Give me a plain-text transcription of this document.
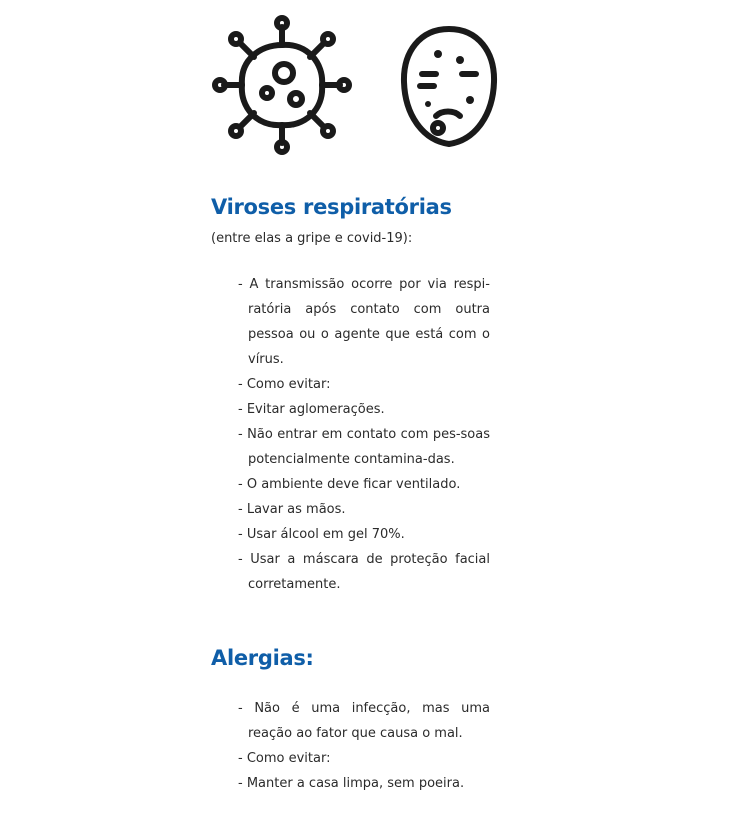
Viroses respiratórias
(entre elas a gripe e covid-19):
- A transmissão ocorre por via respi-ratória após contato com outra pessoa ou o agente que está com o vírus.
- Como evitar:
- Evitar aglomerações.
- Não entrar em contato com pes-soas potencialmente contamina-das.
- O ambiente deve ficar ventilado.
- Lavar as mãos.
- Usar álcool em gel 70%.
- Usar a máscara de proteção facial corretamente.
Alergias:
- Não é uma infecção, mas uma reação ao fator que causa o mal.
- Como evitar:
- Manter a casa limpa, sem poeira.
